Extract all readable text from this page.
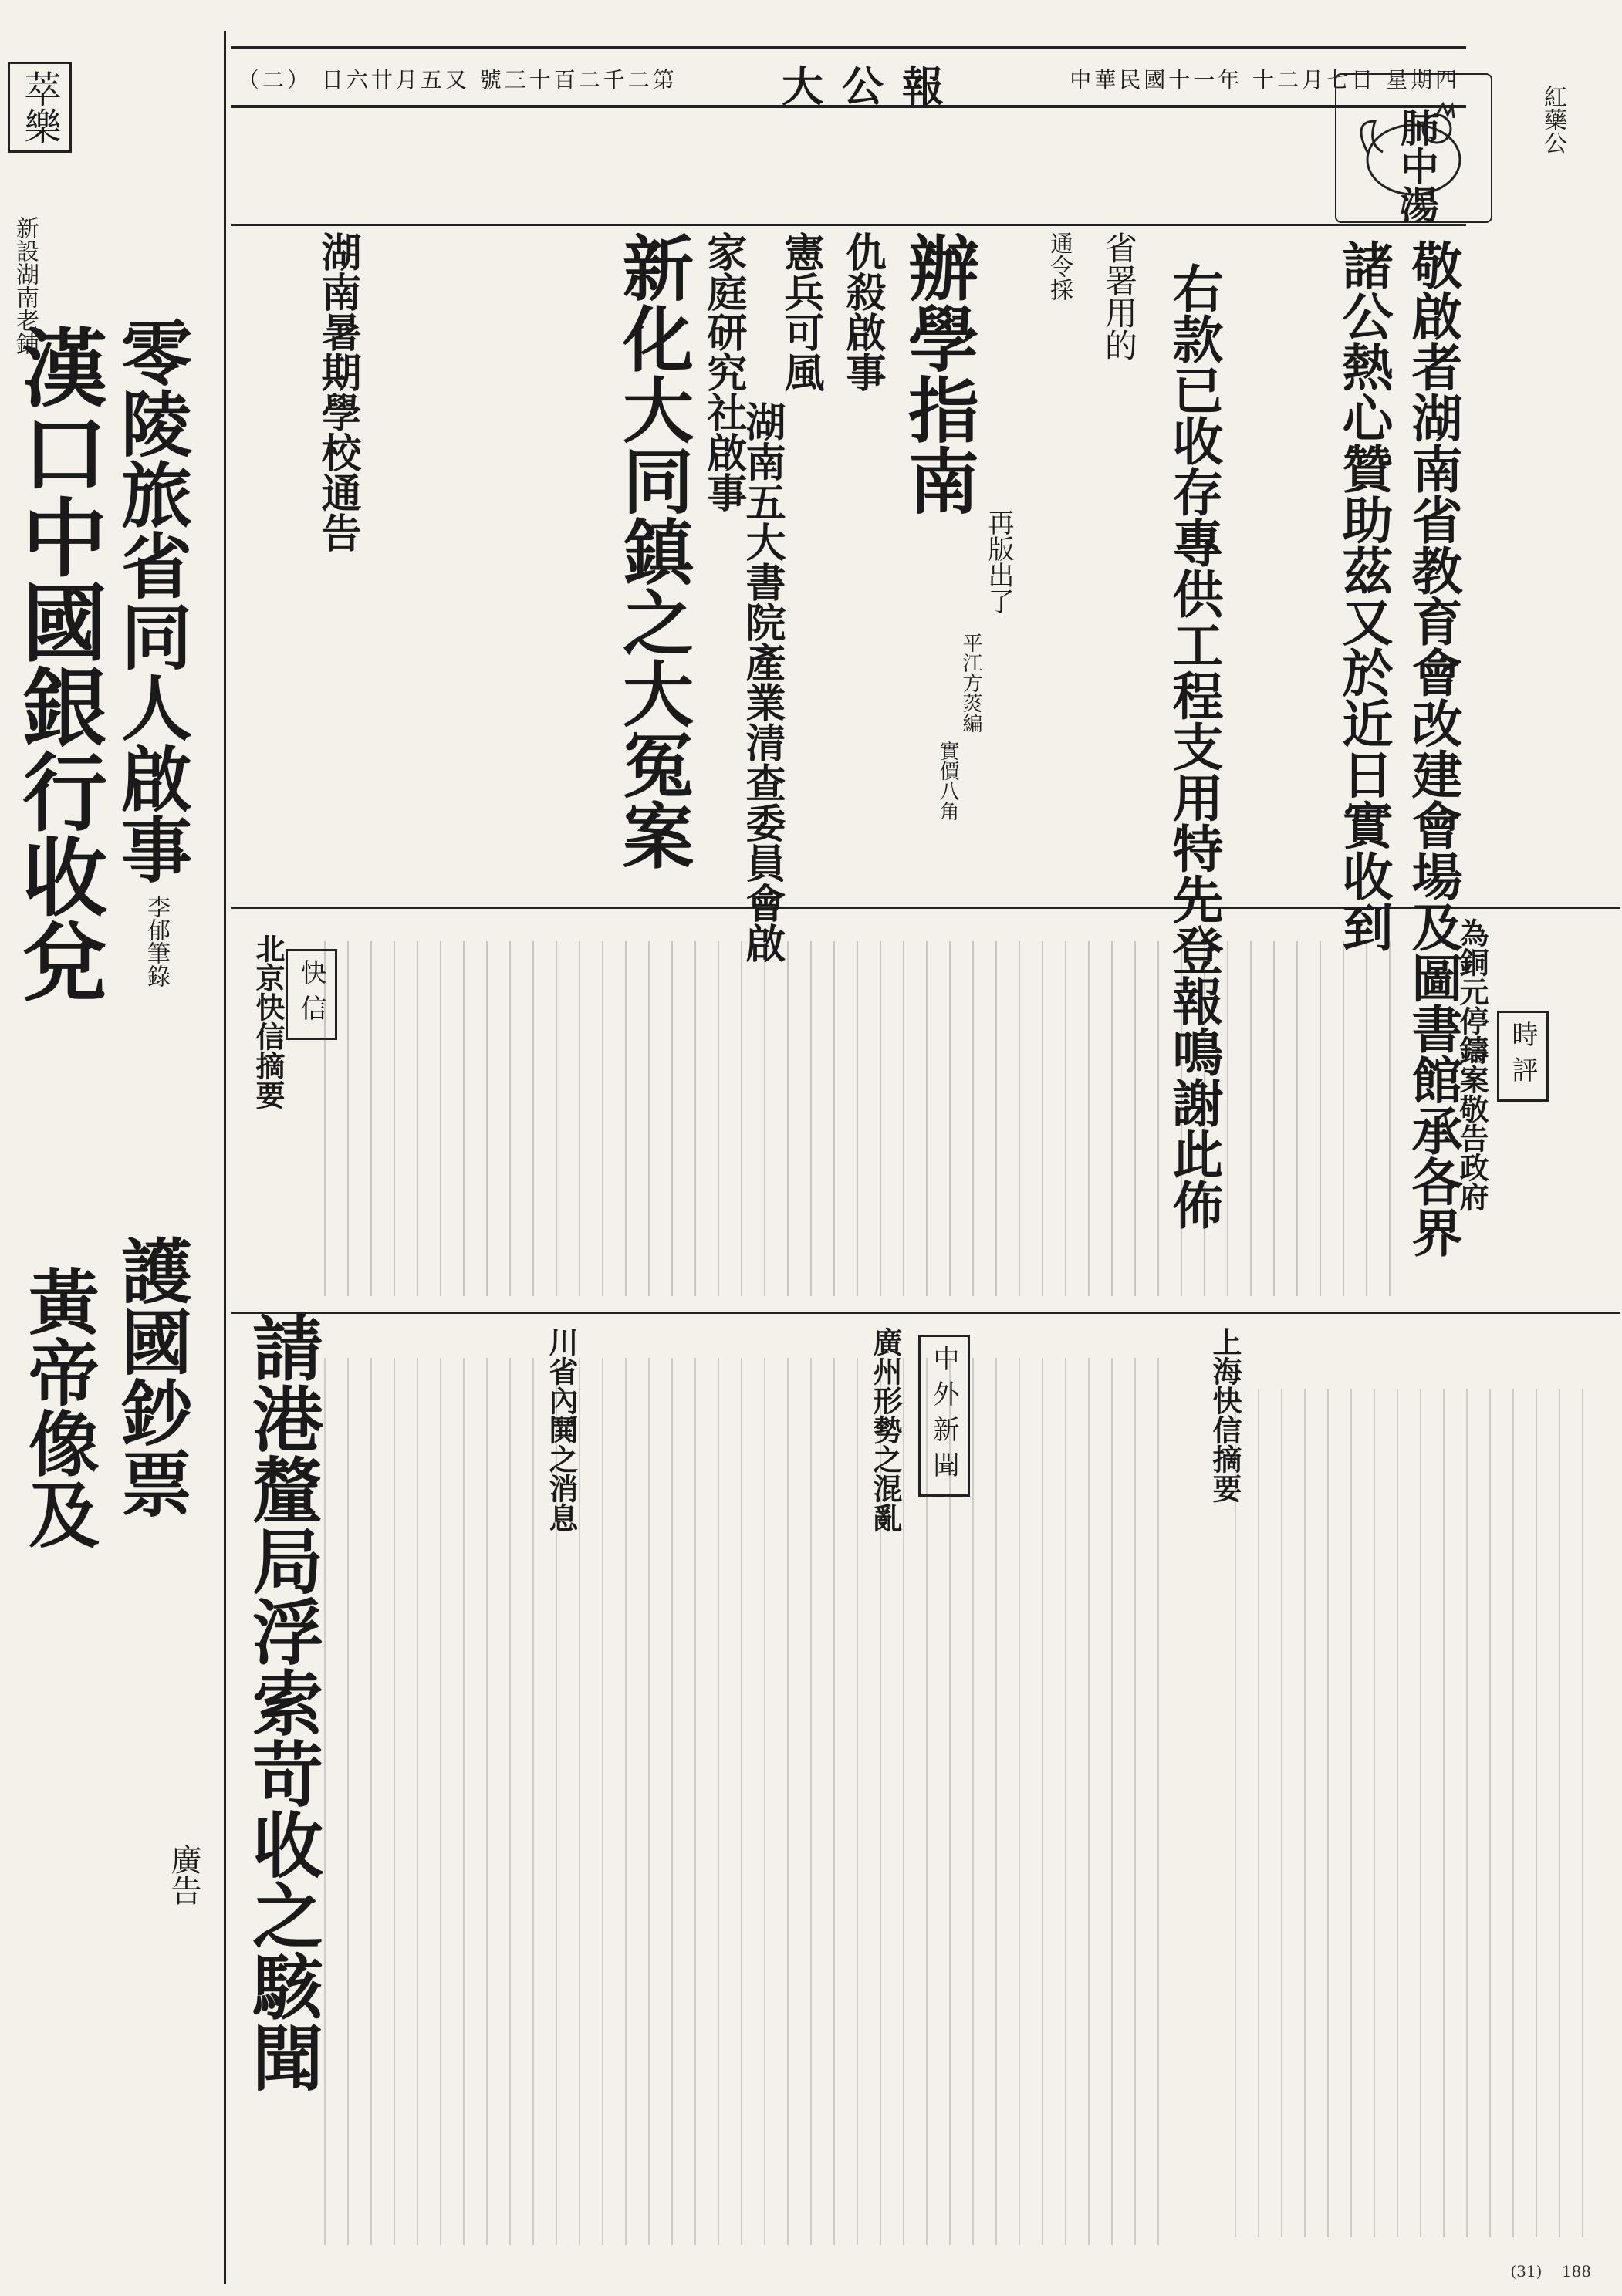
（二） 日六廿月五又 號三十百二千二第	大公報	中華民國十一年 十二月七日 星期四
萃樂
新設湖南老鋪
漢口中國銀行收兌 零陵旅省同人啟事
李郁筆錄
黃帝像及 護國鈔票
廣告
肺中湯	紅藥公
敬啟者湖南省教育會改建會場及圖書館承各界
諸公熱心贊助茲又於近日實收到
右款已收存專供工程支用特先登報鳴謝此佈
省署用的
通令採
辦學指南
再版出了
平江方菼編
實價八角
仇殺啟事
憲兵可風
湖南五大書院產業清查委員會啟
家庭研究社啟事
新化大同鎮之大冤案
湖南暑期學校通告
時評
為銅元停鑄案敬告政府
快信
北京快信摘要
上海快信摘要
中外新聞
廣州形勢之混亂
川省內鬨之消息
請港釐局浮索苛收之駭聞
(31) 188
